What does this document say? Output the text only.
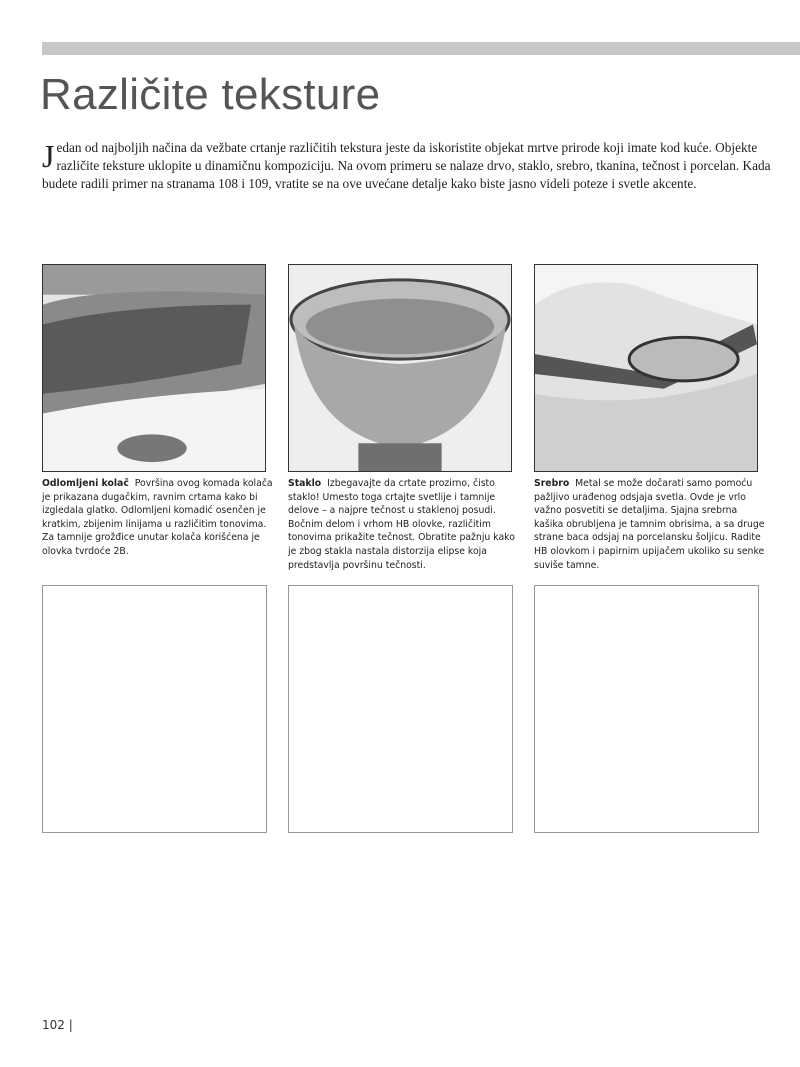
Različite teksture

Jedan od najboljih načina da vežbate crtanje različitih tekstura jeste da iskoristite objekat mrtve prirode koji imate kod kuće. Objekte različite teksture uklopite u dinamičnu kompoziciju. Na ovom primeru se nalaze drvo, staklo, srebro, tkanina, tečnost i porcelan. Kada budete radili primer na stranama 108 i 109, vratite se na ove uvećane detalje kako biste jasno videli poteze i svetle akcente.

Odlomljeni kolač Površina ovog komada kolača je prikazana dugačkim, ravnim crtama kako bi izgledala glatko. Odlomljeni komadić osenčen je kratkim, zbijenim linijama u različitim tonovima. Za tamnije grožđice unutar kolača korišćena je olovka tvrdoće 2B.

Staklo Izbegavajte da crtate prozirno, čisto staklo! Umesto toga crtajte svetlije i tamnije delove – a najpre tečnost u staklenoj posudi. Bočnim delom i vrhom HB olovke, različitim tonovima prikažite tečnost. Obratite pažnju kako je zbog stakla nastala distorzija elipse koja predstavlja površinu tečnosti.

Srebro Metal se može dočarati samo pomoću pažljivo urađenog odsjaja svetla. Ovde je vrlo važno posvetiti se detaljima. Sjajna srebrna kašika obrubljena je tamnim obrisima, a sa druge strane baca odsjaj na porcelansku šoljicu. Radite HB olovkom i papirnim upijačem ukoliko su senke suviše tamne.

102 |
